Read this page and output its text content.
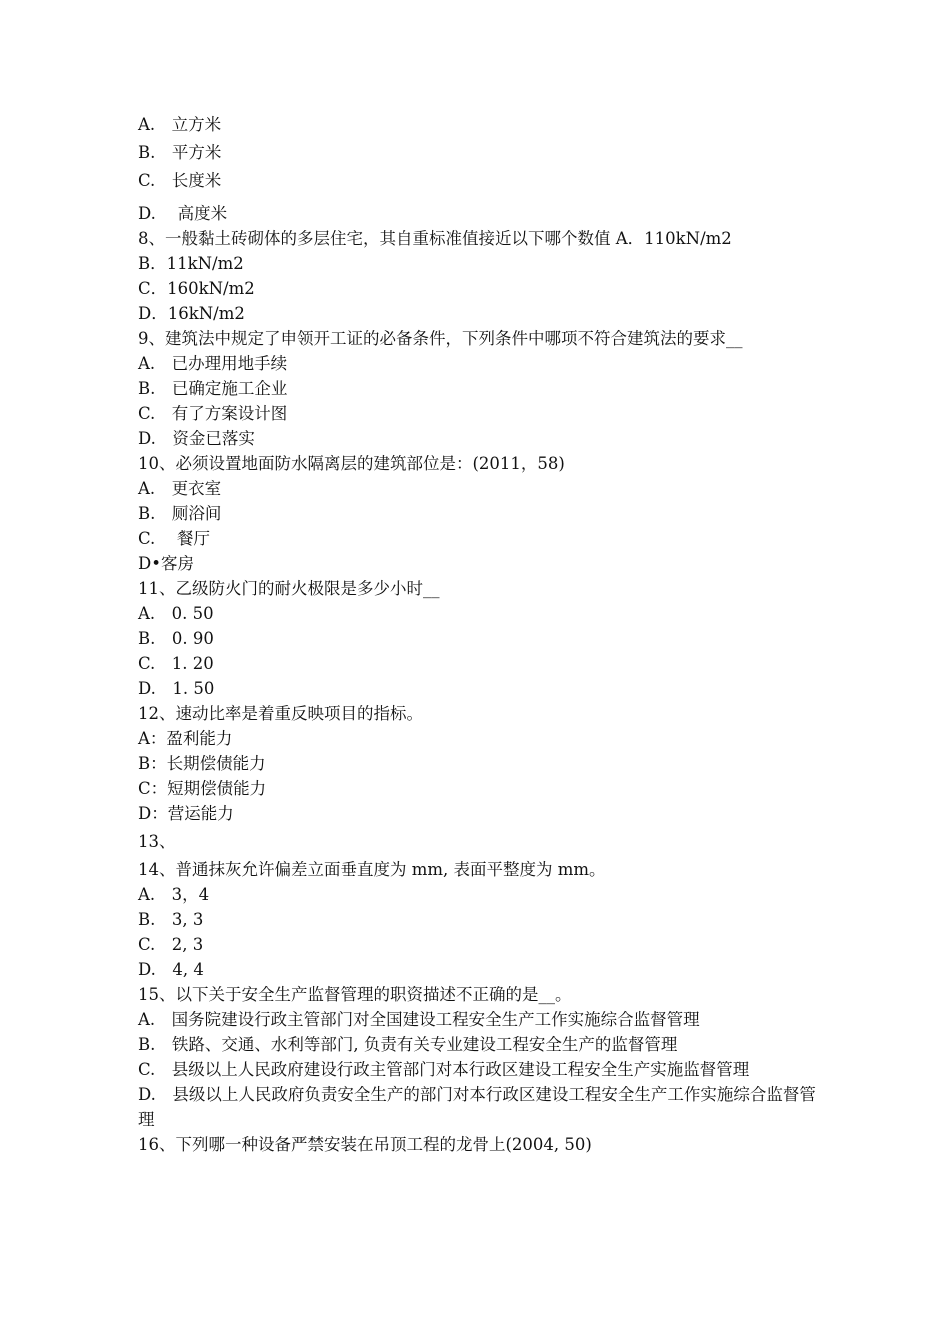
A.　立方米
B.　平方米
C.　长度米
D.　 高度米
8、一般黏土砖砌体的多层住宅，其自重标准值接近以下哪个数值 A．110kN/m2
B．11kN/m2
C．160kN/m2
D．16kN/m2
9、建筑法中规定了申领开工证的必备条件，下列条件中哪项不符合建筑法的要求__
A.　已办理用地手续
B.　已确定施工企业
C.　有了方案设计图
D.　资金已落实
10、必须设置地面防水隔离层的建筑部位是：(2011，58)
A.　更衣室
B.　厕浴间
C.　 餐厅
D•客房
11、乙级防火门的耐火极限是多少小时__
A.　0. 50
B.　0. 90
C.　1. 20
D.　1. 50
12、速动比率是着重反映项目的指标。
A：盈利能力
B：长期偿债能力
C：短期偿债能力
D：营运能力
13、
14、普通抹灰允许偏差立面垂直度为 mm, 表面平整度为 mm。
A.　3，4
B.　3, 3
C.　2, 3
D.　4, 4
15、以下关于安全生产监督管理的职资描述不正确的是__。
A.　国务院建设行政主管部门对全国建设工程安全生产工作实施综合监督管理
B.　铁路、交通、水利等部门, 负责有关专业建设工程安全生产的监督管理
C.　县级以上人民政府建设行政主管部门对本行政区建设工程安全生产实施监督管理
D.　县级以上人民政府负责安全生产的部门对本行政区建设工程安全生产工作实施综合监督管理
16、下列哪一种设备严禁安装在吊顶工程的龙骨上(2004, 50)
